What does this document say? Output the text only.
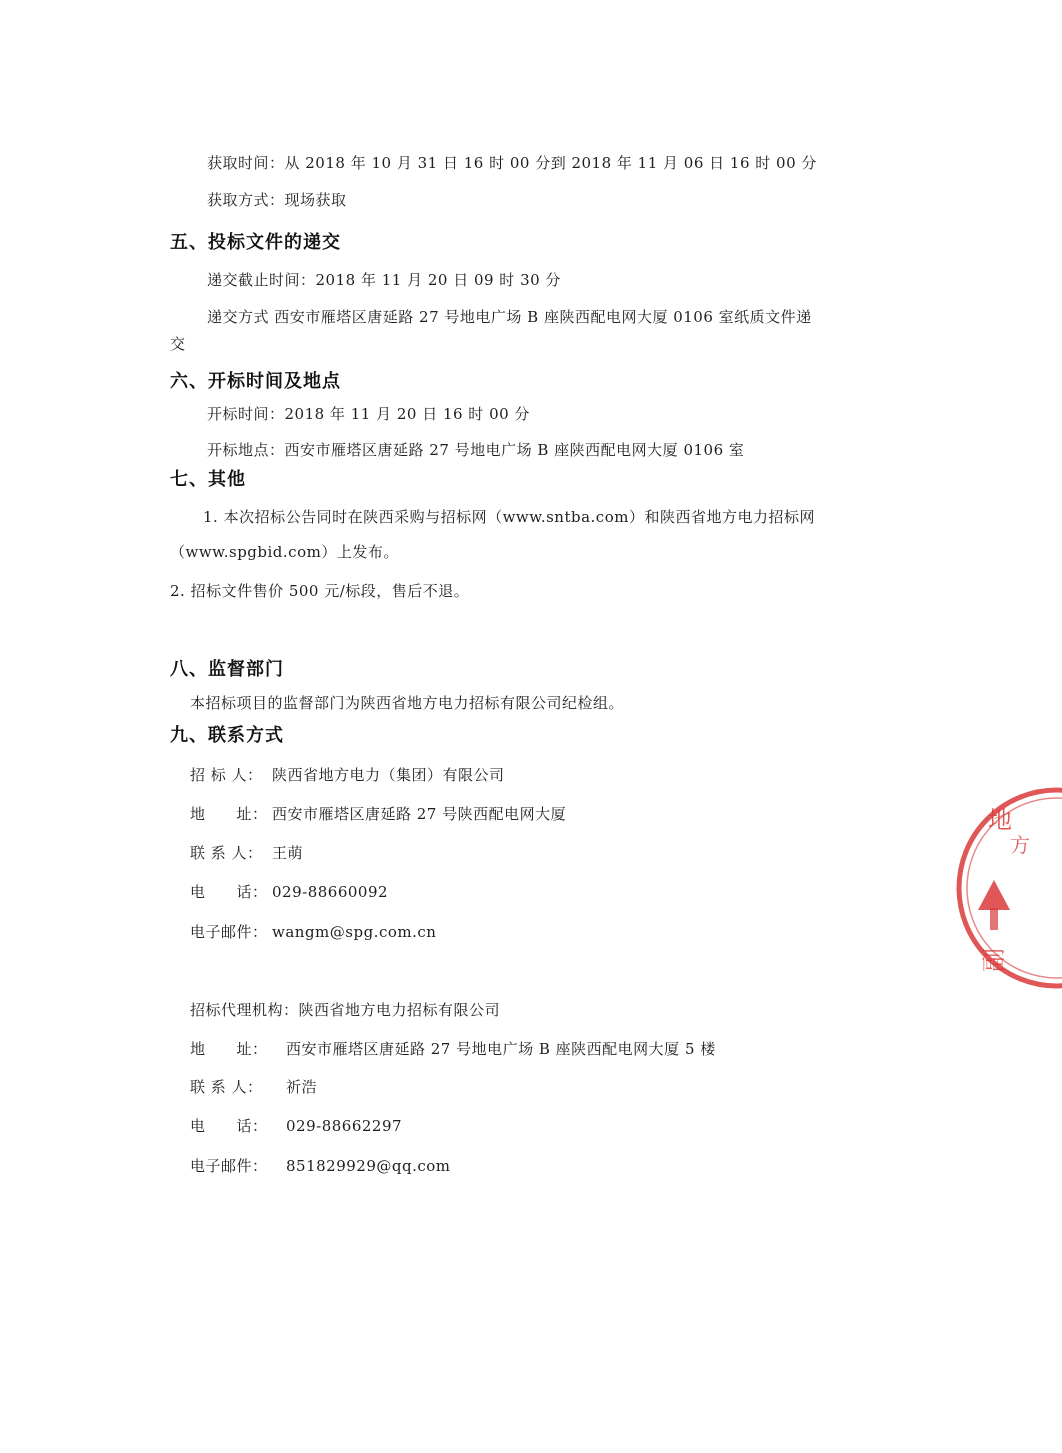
获取时间：从 2018 年 10 月 31 日 16 时 00 分到 2018 年 11 月 06 日 16 时 00 分
获取方式：现场获取
五、投标文件的递交
递交截止时间：2018 年 11 月 20 日 09 时 30 分
递交方式 西安市雁塔区唐延路 27 号地电广场 B 座陕西配电网大厦 0106 室纸质文件递
交
六、开标时间及地点
开标时间：2018 年 11 月 20 日 16 时 00 分
开标地点：西安市雁塔区唐延路 27 号地电广场 B 座陕西配电网大厦 0106 室
七、其他
1. 本次招标公告同时在陕西采购与招标网（www.sntba.com）和陕西省地方电力招标网
（www.spgbid.com）上发布。
2. 招标文件售价 500 元/标段，售后不退。
八、监督部门
本招标项目的监督部门为陕西省地方电力招标有限公司纪检组。
九、联系方式
招 标 人： 陕西省地方电力（集团）有限公司
地　　址： 西安市雁塔区唐延路 27 号陕西配电网大厦
联 系 人： 王萌
电　　话： 029-88660092
电子邮件： wangm@spg.com.cn
招标代理机构：陕西省地方电力招标有限公司
地　　址： 西安市雁塔区唐延路 27 号地电广场 B 座陕西配电网大厦 5 楼
联 系 人： 祈浩
电　　话： 029-88662297
电子邮件： 851829929@qq.com
地
方
副
